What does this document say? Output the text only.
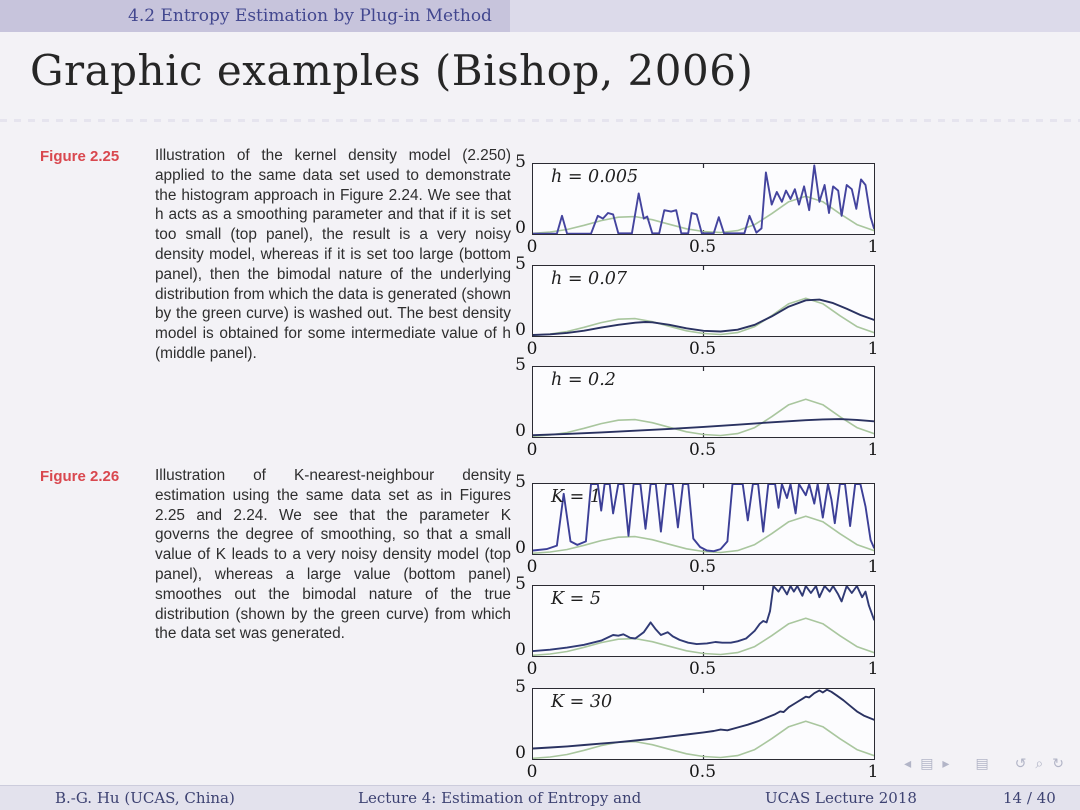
4.2 Entropy Estimation by Plug-in Method
Graphic examples (Bishop, 2006)
Figure 2.25	Illustration of the kernel density model (2.250) applied to the same data set used to demonstrate the histogram approach in Figure 2.24. We see that h acts as a smoothing parameter and that if it is set too small (top panel), the result is a very noisy density model, whereas if it is set too large (bottom panel), then the bimodal nature of the underlying distribution from which the data is generated (shown by the green curve) is washed out. The best density model is obtained for some intermediate value of h (middle panel).

Figure 2.26	Illustration of K-nearest-neighbour density estimation using the same data set as in Figures 2.25 and 2.24. We see that the parameter K governs the degree of smoothing, so that a small value of K leads to a very noisy density model (top panel), whereas a large value (bottom panel) smoothes out the bimodal nature of the true distribution (shown by the green curve) from which the data set was generated.

5
0
h = 0.005
0	0.5	1
5
0
h = 0.07
0	0.5	1
5
0
h = 0.2
0	0.5	1
5
0
K = 1
0	0.5	1
5
0
K = 5
0	0.5	1
5
0
K = 30
0	0.5	1 ◂ ▤ ▸ ▤ ↺ ⌕ ↻
B.-G. Hu (UCAS, China)	Lecture 4: Estimation of Entropy and	UCAS Lecture 2018	14 / 40
